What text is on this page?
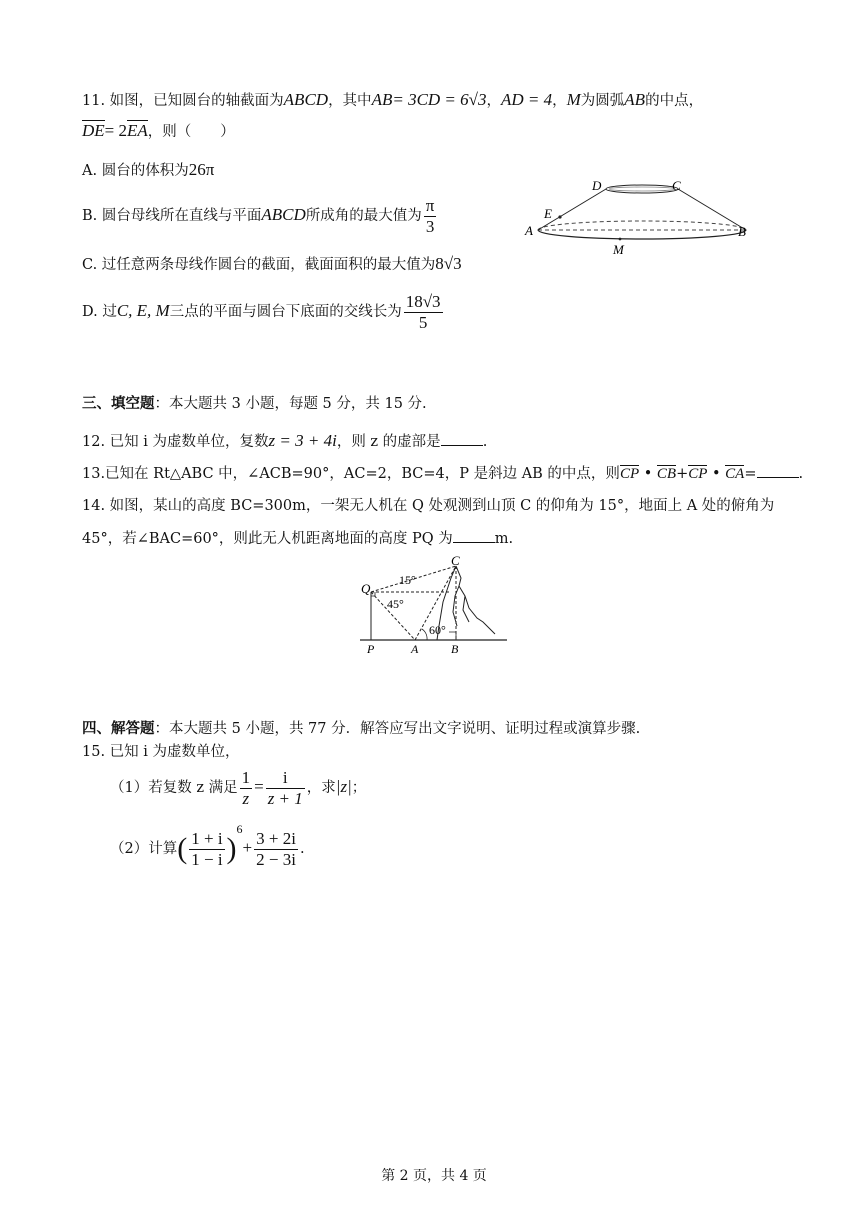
11. 如图，已知圆台的轴截面为ABCD，其中AB= 3CD = 6√3，AD = 4，M为圆弧AB的中点，
DE= 2EA，则（　　）
A. 圆台的体积为26π
B. 圆台母线所在直线与平面ABCD所成角的最大值为 $\frac{\pi}{3}$
C. 过任意两条母线作圆台的截面，截面面积的最大值为8√3
D. 过C, E, M三点的平面与圆台下底面的交线长为 $\frac{18√3}{5}$
D	C
E
A	B
M
三、填空题：本大题共 3 小题，每题 5 分，共 15 分.
12. 已知 i 为虚数单位，复数z = 3 + 4i，则 z 的虚部是	.
13.已知在 Rt△ABC 中，∠ACB=90°，AC=2，BC=4，P 是斜边 AB 的中点，则CP • CB+CP • CA=	.
14. 如图，某山的高度 BC=300m，一架无人机在 Q 处观测到山顶 C 的仰角为 15°，地面上 A 处的俯角为
45°，若∠BAC=60°，则此无人机距离地面的高度 PQ 为	m.
Q
C
P	A	B
15°
45°
60°
四、解答题：本大题共 5 小题，共 77 分．解答应写出文字说明、证明过程或演算步骤.
15. 已知 i 为虚数单位，
（1）若复数 z 满足 $\frac{1}{z} = \frac{i}{z + 1}$ ，求|z|；
（2）计算( $\frac{1 + i}{1 - i} )^6+ \frac{3 + 2i}{2 - 3i}$ .
第 2 页，共 4 页
